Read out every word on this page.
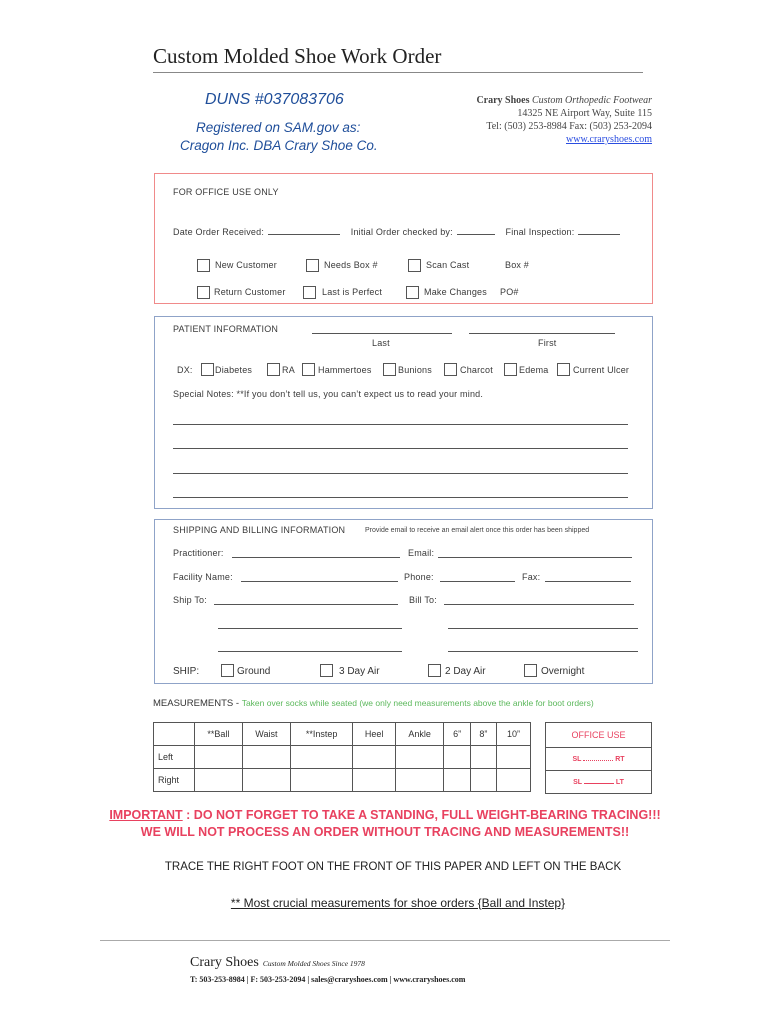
Custom Molded Shoe Work Order
DUNS #037083706
Registered on SAM.gov as:
Cragon Inc. DBA Crary Shoe Co.
Crary Shoes Custom Orthopedic Footwear
14325 NE Airport Way, Suite 115
Tel: (503) 253-8984 Fax: (503) 253-2094
www.craryshoes.com
FOR OFFICE USE ONLY
Date Order Received:	Initial Order checked by:	Final Inspection:
New Customer	Needs Box #	Scan Cast	Box #
Return Customer	Last is Perfect	Make Changes PO#
PATIENT INFORMATION
Last	First
DX: Diabetes	RA	Hammertoes	Bunions	Charcot	Edema	Current Ulcer
Special Notes: **If you don’t tell us, you can’t expect us to read your mind.
SHIPPING AND BILLING INFORMATION	Provide email to receive an email alert once this order has been shipped
Practitioner:	Email:
Facility Name:	Phone:	Fax:
Ship To:	Bill To:
SHIP:	Ground	3 Day Air	2 Day Air	Overnight
MEASUREMENTS - Taken over socks while seated (we only need measurements above the ankle for boot orders)
	**Ball	Waist	**Instep	Heel	Ankle	6”	8”	10”
Left								
Right								
OFFICE USE
SL	RT
SL	LT
IMPORTANT : DO NOT FORGET TO TAKE A STANDING, FULL WEIGHT-BEARING TRACING!!!
WE WILL NOT PROCESS AN ORDER WITHOUT TRACING AND MEASUREMENTS!!
TRACE THE RIGHT FOOT ON THE FRONT OF THIS PAPER AND LEFT ON THE BACK
** Most crucial measurements for shoe orders {Ball and Instep}
Crary Shoes Custom Molded Shoes Since 1978
T: 503-253-8984 | F: 503-253-2094 | sales@craryshoes.com | www.craryshoes.com
